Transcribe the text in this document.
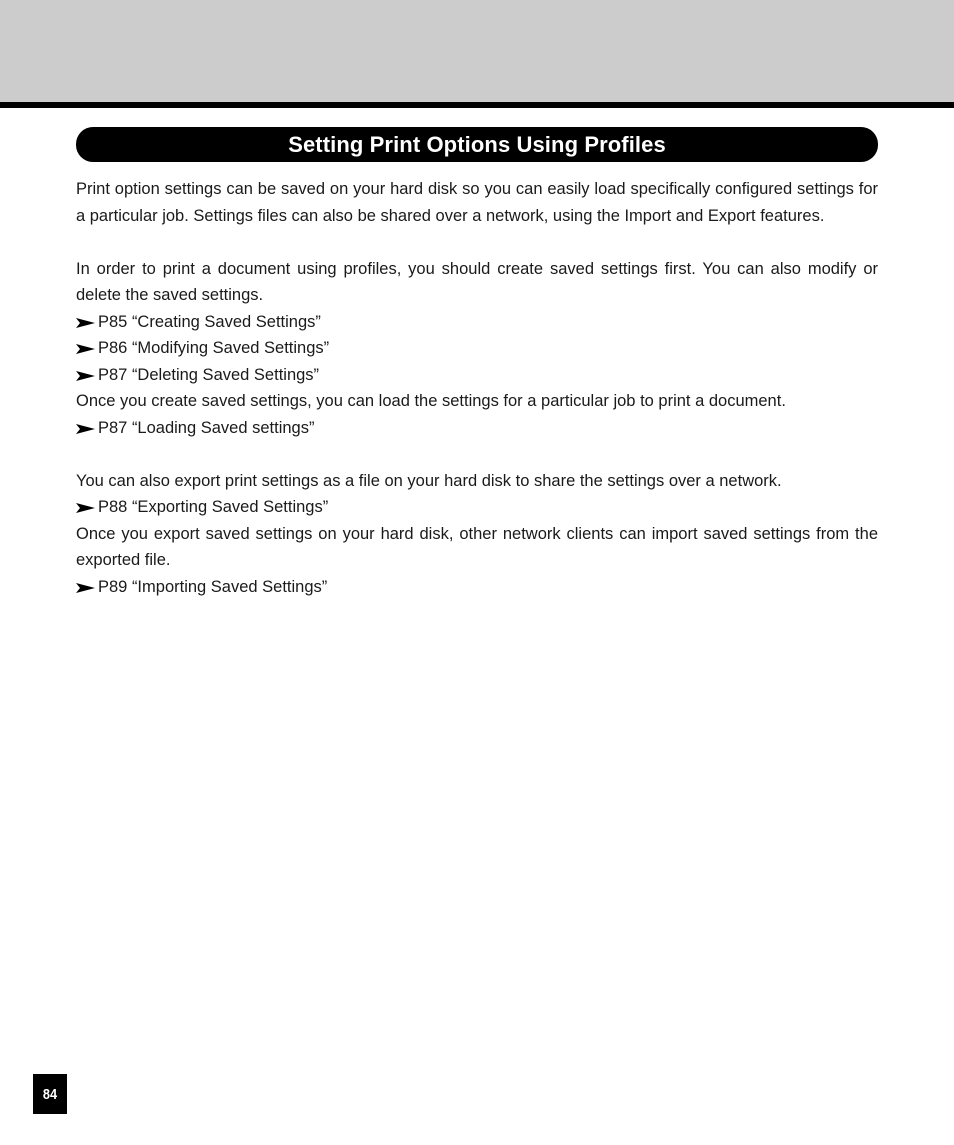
Setting Print Options Using Profiles

Print option settings can be saved on your hard disk so you can easily load specifically configured settings for a particular job. Settings files can also be shared over a network, using the Import and Export features.

In order to print a document using profiles, you should create saved settings first. You can also modify or delete the saved settings.

P85 “Creating Saved Settings”
P86 “Modifying Saved Settings”
P87 “Deleting Saved Settings”

Once you create saved settings, you can load the settings for a particular job to print a document.

P87 “Loading Saved settings”

You can also export print settings as a file on your hard disk to share the settings over a network.

P88 “Exporting Saved Settings”

Once you export saved settings on your hard disk, other network clients can import saved settings from the exported file.

P89 “Importing Saved Settings”
84
